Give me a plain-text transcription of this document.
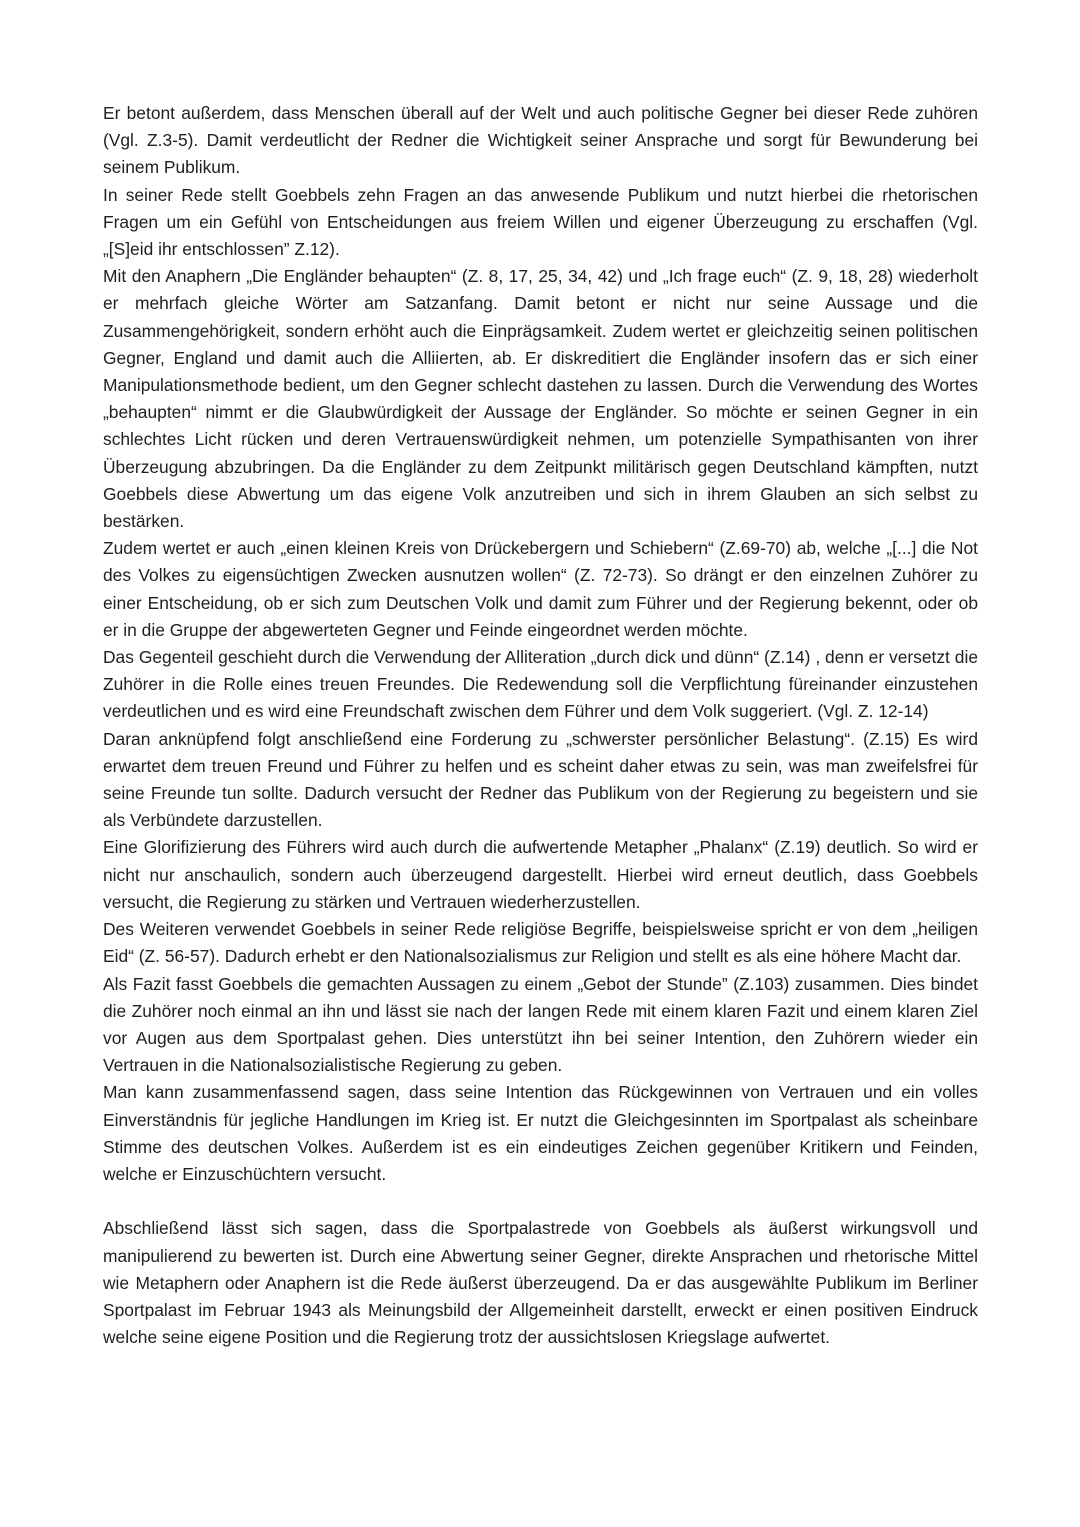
Er betont außerdem, dass Menschen überall auf der Welt und auch politische Gegner bei dieser Rede zuhören (Vgl. Z.3-5). Damit verdeutlicht der Redner die Wichtigkeit seiner Ansprache und sorgt für Bewunderung bei seinem Publikum.

In seiner Rede stellt Goebbels zehn Fragen an das anwesende Publikum und nutzt hierbei die rhetorischen Fragen um ein Gefühl von Entscheidungen aus freiem Willen und eigener Überzeugung zu erschaffen (Vgl. „[S]eid ihr entschlossen” Z.12).

Mit den Anaphern „Die Engländer behaupten“ (Z. 8, 17, 25, 34, 42) und „Ich frage euch“ (Z. 9, 18, 28) wiederholt er mehrfach gleiche Wörter am Satzanfang. Damit betont er nicht nur seine Aussage und die Zusammengehörigkeit, sondern erhöht auch die Einprägsamkeit. Zudem wertet er gleichzeitig seinen politischen Gegner, England und damit auch die Alliierten, ab. Er diskreditiert die Engländer insofern das er sich einer Manipulationsmethode bedient, um den Gegner schlecht dastehen zu lassen. Durch die Verwendung des Wortes „behaupten“ nimmt er die Glaubwürdigkeit der Aussage der Engländer. So möchte er seinen Gegner in ein schlechtes Licht rücken und deren Vertrauenswürdigkeit nehmen, um potenzielle Sympathisanten von ihrer Überzeugung abzubringen. Da die Engländer zu dem Zeitpunkt militärisch gegen Deutschland kämpften, nutzt Goebbels diese Abwertung um das eigene Volk anzutreiben und sich in ihrem Glauben an sich selbst zu bestärken.

Zudem wertet er auch „einen kleinen Kreis von Drückebergern und Schiebern“ (Z.69-70) ab, welche „[...] die Not des Volkes zu eigensüchtigen Zwecken ausnutzen wollen“ (Z. 72-73). So drängt er den einzelnen Zuhörer zu einer Entscheidung, ob er sich zum Deutschen Volk und damit zum Führer und der Regierung bekennt, oder ob er in die Gruppe der abgewerteten Gegner und Feinde eingeordnet werden möchte.

Das Gegenteil geschieht durch die Verwendung der Alliteration „durch dick und dünn“ (Z.14) , denn er versetzt die Zuhörer in die Rolle eines treuen Freundes. Die Redewendung soll die Verpflichtung füreinander einzustehen verdeutlichen und es wird eine Freundschaft zwischen dem Führer und dem Volk suggeriert. (Vgl. Z. 12-14)

Daran anknüpfend folgt anschließend eine Forderung zu „schwerster persönlicher Belastung“. (Z.15) Es wird erwartet dem treuen Freund und Führer zu helfen und es scheint daher etwas zu sein, was man zweifelsfrei für seine Freunde tun sollte. Dadurch versucht der Redner das Publikum von der Regierung zu begeistern und sie als Verbündete darzustellen.

Eine Glorifizierung des Führers wird auch durch die aufwertende Metapher „Phalanx“ (Z.19) deutlich. So wird er nicht nur anschaulich, sondern auch überzeugend dargestellt. Hierbei wird erneut deutlich, dass Goebbels versucht, die Regierung zu stärken und Vertrauen wiederherzustellen.

Des Weiteren verwendet Goebbels in seiner Rede religiöse Begriffe, beispielsweise spricht er von dem „heiligen Eid“ (Z. 56-57). Dadurch erhebt er den Nationalsozialismus zur Religion und stellt es als eine höhere Macht dar.

Als Fazit fasst Goebbels die gemachten Aussagen zu einem „Gebot der Stunde” (Z.103) zusammen. Dies bindet die Zuhörer noch einmal an ihn und lässt sie nach der langen Rede mit einem klaren Fazit und einem klaren Ziel vor Augen aus dem Sportpalast gehen. Dies unterstützt ihn bei seiner Intention, den Zuhörern wieder ein Vertrauen in die Nationalsozialistische Regierung zu geben.

Man kann zusammenfassend sagen, dass seine Intention das Rückgewinnen von Vertrauen und ein volles Einverständnis für jegliche Handlungen im Krieg ist. Er nutzt die Gleichgesinnten im Sportpalast als scheinbare Stimme des deutschen Volkes. Außerdem ist es ein eindeutiges Zeichen gegenüber Kritikern und Feinden, welche er Einzuschüchtern versucht.

Abschließend lässt sich sagen, dass die Sportpalastrede von Goebbels als äußerst wirkungsvoll und manipulierend zu bewerten ist. Durch eine Abwertung seiner Gegner, direkte Ansprachen und rhetorische Mittel wie Metaphern oder Anaphern ist die Rede äußerst überzeugend. Da er das ausgewählte Publikum im Berliner Sportpalast im Februar 1943 als Meinungsbild der Allgemeinheit darstellt, erweckt er einen positiven Eindruck welche seine eigene Position und die Regierung trotz der aussichtslosen Kriegslage aufwertet.
